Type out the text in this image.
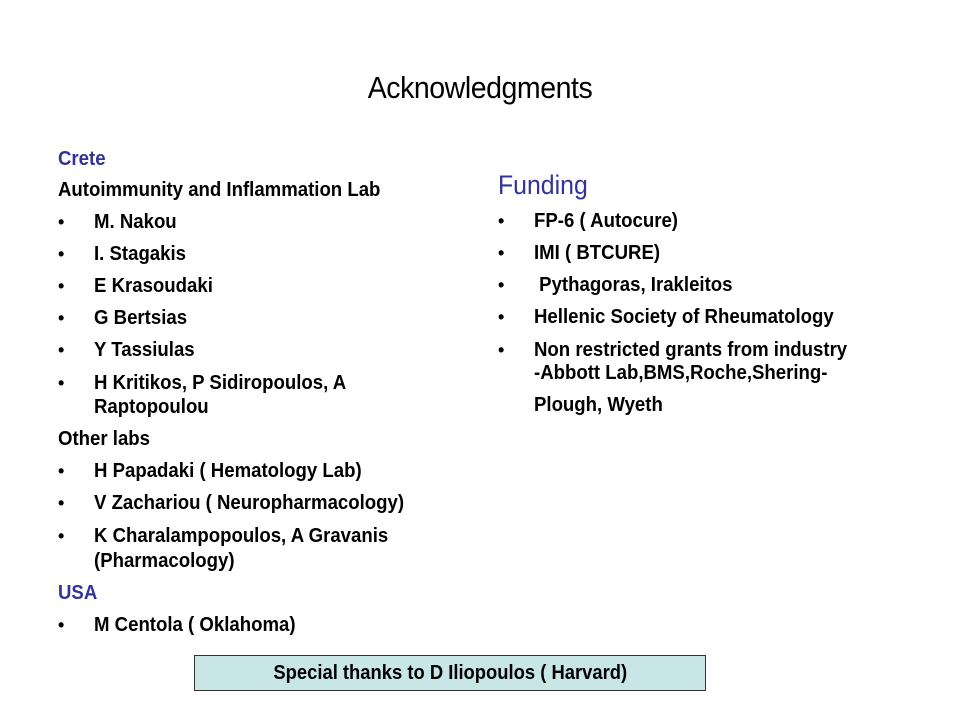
Acknowledgments
Crete
Autoimmunity and Inflammation Lab
• M. Nakou
• I. Stagakis
• E Krasoudaki
• G Bertsias
• Y Tassiulas
• H Kritikos, P Sidiropoulos, A
Raptopoulou
Other labs
• H Papadaki ( Hematology Lab)
• V Zachariou ( Neuropharmacology)
• K Charalampopoulos, A Gravanis
(Pharmacology)
USA
• M Centola ( Oklahoma)
Funding
• FP-6 ( Autocure)
• IMI ( BTCURE)
• Pythagoras, Irakleitos
• Hellenic Society of Rheumatology
• Non restricted grants from industry
-Abbott Lab,BMS,Roche,Shering-
Plough, Wyeth
Special thanks to D Iliopoulos ( Harvard)
